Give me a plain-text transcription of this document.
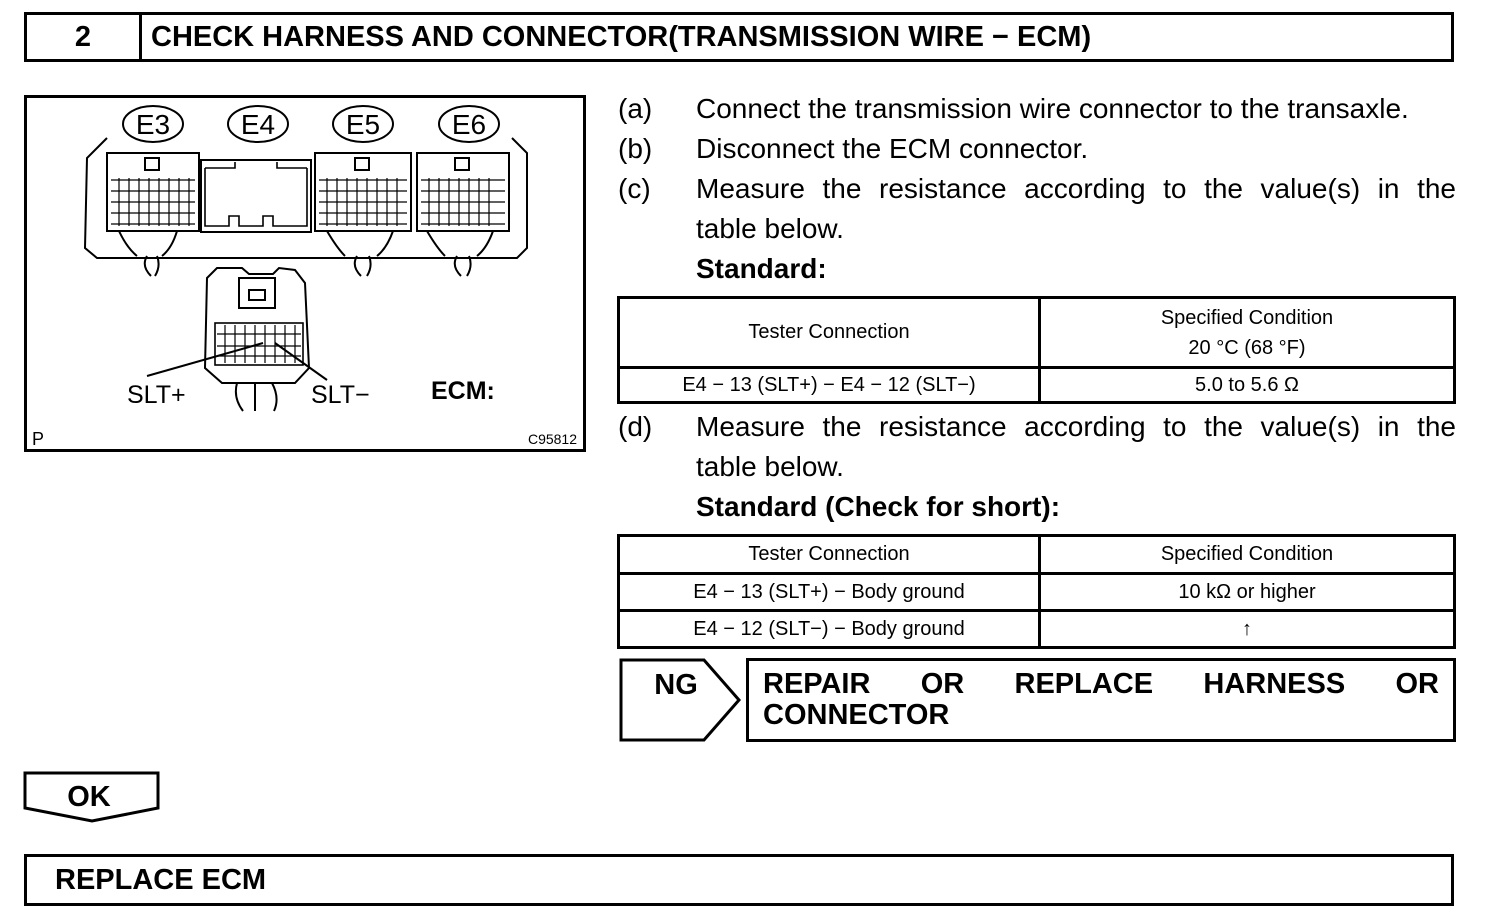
2	CHECK HARNESS AND CONNECTOR(TRANSMISSION WIRE − ECM)
E3	E4	E5	E6
SLT+	SLT− ECM:
P	C95812
(a)	Connect the transmission wire connector to the transaxle.
(b)	Disconnect the ECM connector.
(c)	Measure the resistance according to the value(s) in the
table below.
Standard:
Tester Connection	Specified Condition
20 °C (68 °F)
E4 − 13 (SLT+) − E4 − 12 (SLT−)	5.0 to 5.6 Ω
(d)	Measure the resistance according to the value(s) in the
table below.
Standard (Check for short):
Tester Connection	Specified Condition
E4 − 13 (SLT+) − Body ground	10 kΩ or higher
E4 − 12 (SLT−) − Body ground	↑
NG REPAIR OR REPLACE HARNESS OR
CONNECTOR
OK
REPLACE ECM
